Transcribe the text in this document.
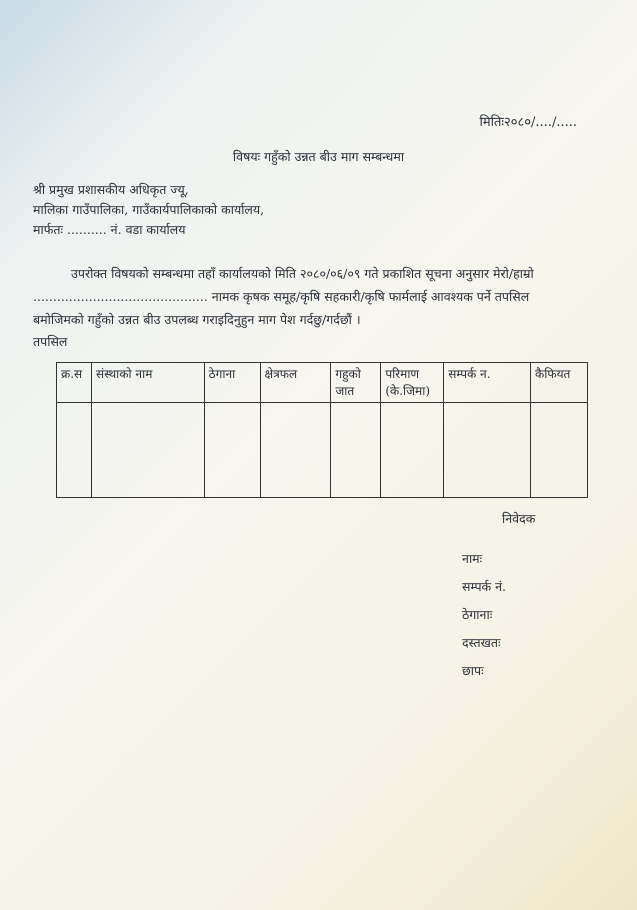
मितिः२०८०/..../.....
विषयः गहुँको उन्नत बीउ माग सम्बन्धमा
श्री प्रमुख प्रशासकीय अधिकृत ज्यू,
मालिका गाउँपालिका, गाउँकार्यपालिकाको कार्यालय,
मार्फतः .......... नं. वडा कार्यालय
उपरोक्त विषयको सम्बन्धमा तहाँ कार्यालयको मिति २०८०/०६/०९ गते प्रकाशित सूचना अनुसार मेरो/हाम्रो
............................................ नामक कृषक समूह/कृषि सहकारी/कृषि फार्मलाई आवश्यक पर्ने तपसिल
बमोजिमको गहुँको उन्नत बीउ उपलब्ध गराइदिनुहुन माग पेश गर्दछु/गर्दछौं ।
तपसिल
क्र.स	संस्थाको नाम	ठेगाना	क्षेत्रफल	गहुको जात	परिमाण (के.जिमा)	सम्पर्क न.	कैफियत

निवेदक
नामः
सम्पर्क नं.
ठेगानाः
दस्तखतः
छापः
